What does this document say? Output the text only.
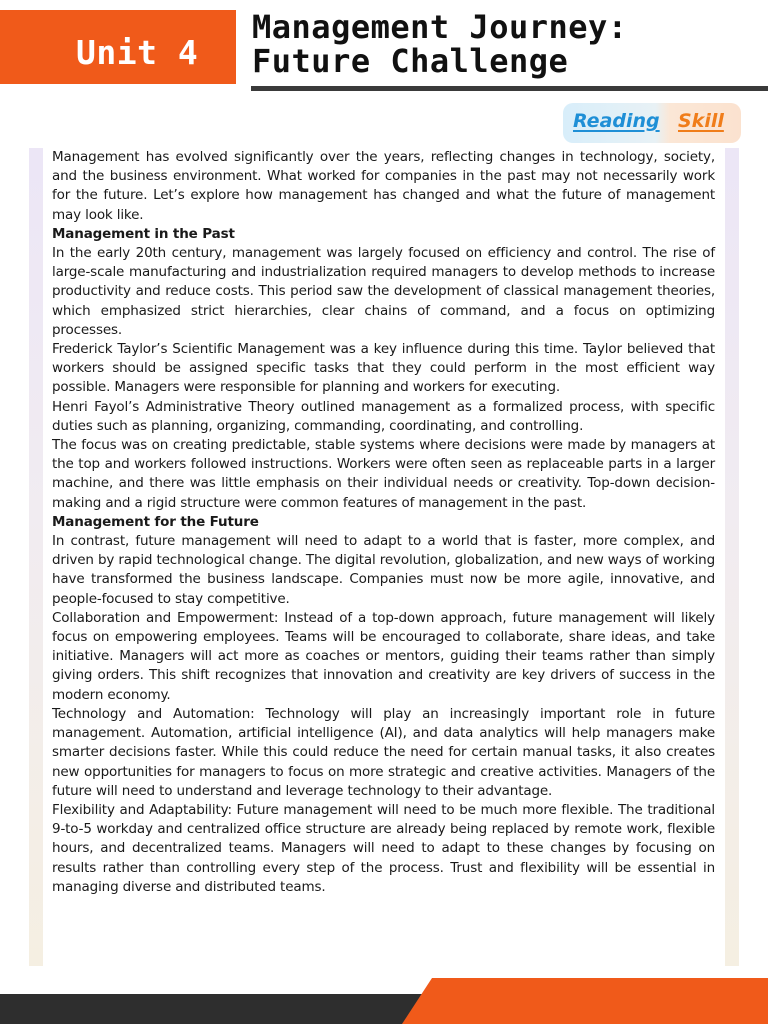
Unit 4
Management Journey:
Future Challenge
Reading Skill

Management has evolved significantly over the years, reflecting changes in technology, society, and the business environment. What worked for companies in the past may not necessarily work for the future. Let’s explore how management has changed and what the future of management may look like.

Management in the Past

In the early 20th century, management was largely focused on efficiency and control. The rise of large-scale manufacturing and industrialization required managers to develop methods to increase productivity and reduce costs. This period saw the development of classical management theories, which emphasized strict hierarchies, clear chains of command, and a focus on optimizing processes.

Frederick Taylor’s Scientific Management was a key influence during this time. Taylor believed that workers should be assigned specific tasks that they could perform in the most efficient way possible. Managers were responsible for planning and workers for executing.

Henri Fayol’s Administrative Theory outlined management as a formalized process, with specific duties such as planning, organizing, commanding, coordinating, and controlling.

The focus was on creating predictable, stable systems where decisions were made by managers at the top and workers followed instructions. Workers were often seen as replaceable parts in a larger machine, and there was little emphasis on their individual needs or creativity. Top-down decision-making and a rigid structure were common features of management in the past.

Management for the Future

In contrast, future management will need to adapt to a world that is faster, more complex, and driven by rapid technological change. The digital revolution, globalization, and new ways of working have transformed the business landscape. Companies must now be more agile, innovative, and people-focused to stay competitive.

Collaboration and Empowerment: Instead of a top-down approach, future management will likely focus on empowering employees. Teams will be encouraged to collaborate, share ideas, and take initiative. Managers will act more as coaches or mentors, guiding their teams rather than simply giving orders. This shift recognizes that innovation and creativity are key drivers of success in the modern economy.

Technology and Automation: Technology will play an increasingly important role in future management. Automation, artificial intelligence (AI), and data analytics will help managers make smarter decisions faster. While this could reduce the need for certain manual tasks, it also creates new opportunities for managers to focus on more strategic and creative activities. Managers of the future will need to understand and leverage technology to their advantage.

Flexibility and Adaptability: Future management will need to be much more flexible. The traditional 9-to-5 workday and centralized office structure are already being replaced by remote work, flexible hours, and decentralized teams. Managers will need to adapt to these changes by focusing on results rather than controlling every step of the process. Trust and flexibility will be essential in managing diverse and distributed teams.
